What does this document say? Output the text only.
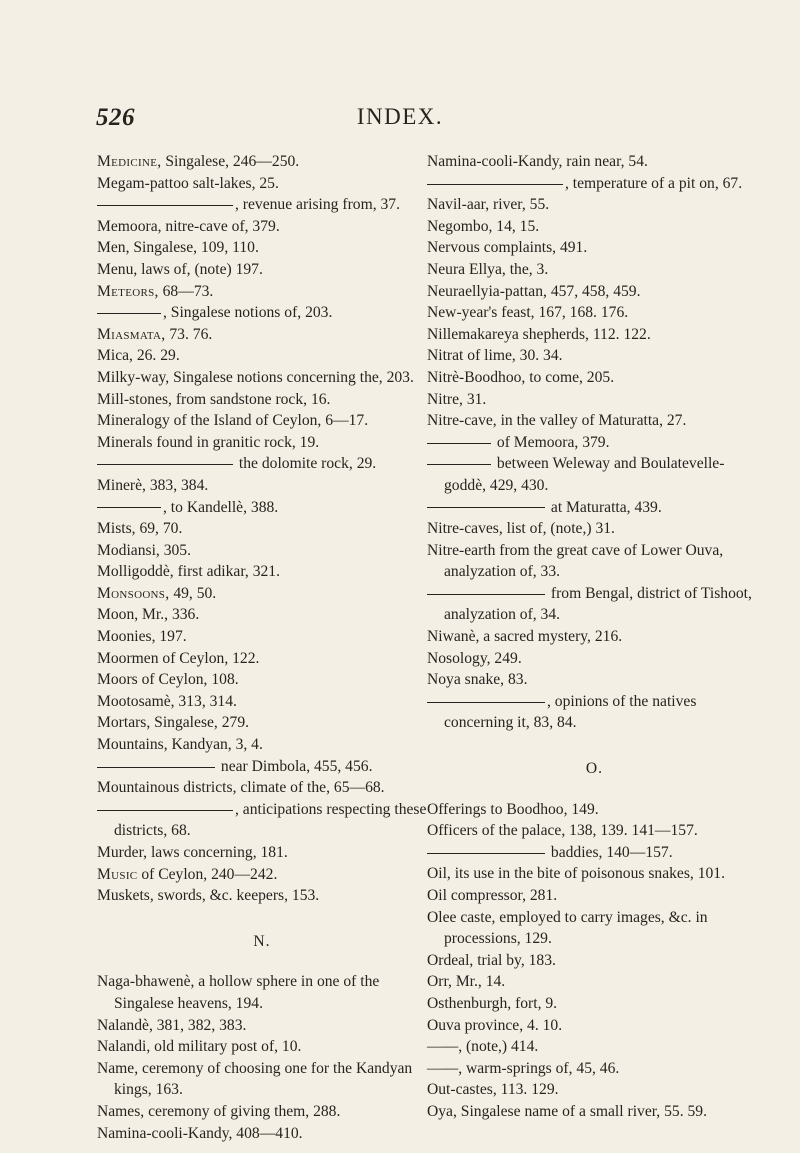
526	INDEX.
Medicine, Singalese, 246—250.
Megam-pattoo salt-lakes, 25.
, revenue arising from, 37.
Memoora, nitre-cave of, 379.
Men, Singalese, 109, 110.
Menu, laws of, (note) 197.
Meteors, 68—73.
, Singalese notions of, 203.
Miasmata, 73. 76.
Mica, 26. 29.
Milky-way, Singalese notions concerning the, 203.
Mill-stones, from sandstone rock, 16.
Mineralogy of the Island of Ceylon, 6—17.
Minerals found in granitic rock, 19.
the dolomite rock, 29.
Minerè, 383, 384.
, to Kandellè, 388.
Mists, 69, 70.
Modiansi, 305.
Molligoddè, first adikar, 321.
Monsoons, 49, 50.
Moon, Mr., 336.
Moonies, 197.
Moormen of Ceylon, 122.
Moors of Ceylon, 108.
Mootosamè, 313, 314.
Mortars, Singalese, 279.
Mountains, Kandyan, 3, 4.
near Dimbola, 455, 456.
Mountainous districts, climate of the, 65—68.
, anticipations respecting these districts, 68.
Murder, laws concerning, 181.
Music of Ceylon, 240—242.
Muskets, swords, &c. keepers, 153.
N.
Naga-bhawenè, a hollow sphere in one of the Singalese heavens, 194.
Nalandè, 381, 382, 383.
Nalandi, old military post of, 10.
Name, ceremony of choosing one for the Kandyan kings, 163.
Names, ceremony of giving them, 288.
Namina-cooli-Kandy, 408—410.
Namina-cooli-Kandy, rain near, 54.
, temperature of a pit on, 67.
Navil-aar, river, 55.
Negombo, 14, 15.
Nervous complaints, 491.
Neura Ellya, the, 3.
Neuraellyia-pattan, 457, 458, 459.
New-year's feast, 167, 168. 176.
Nillemakareya shepherds, 112. 122.
Nitrat of lime, 30. 34.
Nitrè-Boodhoo, to come, 205.
Nitre, 31.
Nitre-cave, in the valley of Maturatta, 27.
of Memoora, 379.
between Weleway and Boulatevelle-goddè, 429, 430.
at Maturatta, 439.
Nitre-caves, list of, (note,) 31.
Nitre-earth from the great cave of Lower Ouva, analyzation of, 33.
from Bengal, district of Tishoot, analyzation of, 34.
Niwanè, a sacred mystery, 216.
Nosology, 249.
Noya snake, 83.
, opinions of the natives concerning it, 83, 84.
O.
Offerings to Boodhoo, 149.
Officers of the palace, 138, 139. 141—157.
baddies, 140—157.
Oil, its use in the bite of poisonous snakes, 101.
Oil compressor, 281.
Olee caste, employed to carry images, &c. in processions, 129.
Ordeal, trial by, 183.
Orr, Mr., 14.
Osthenburgh, fort, 9.
Ouva province, 4. 10.
——, (note,) 414.
——, warm-springs of, 45, 46.
Out-castes, 113. 129.
Oya, Singalese name of a small river, 55. 59.
